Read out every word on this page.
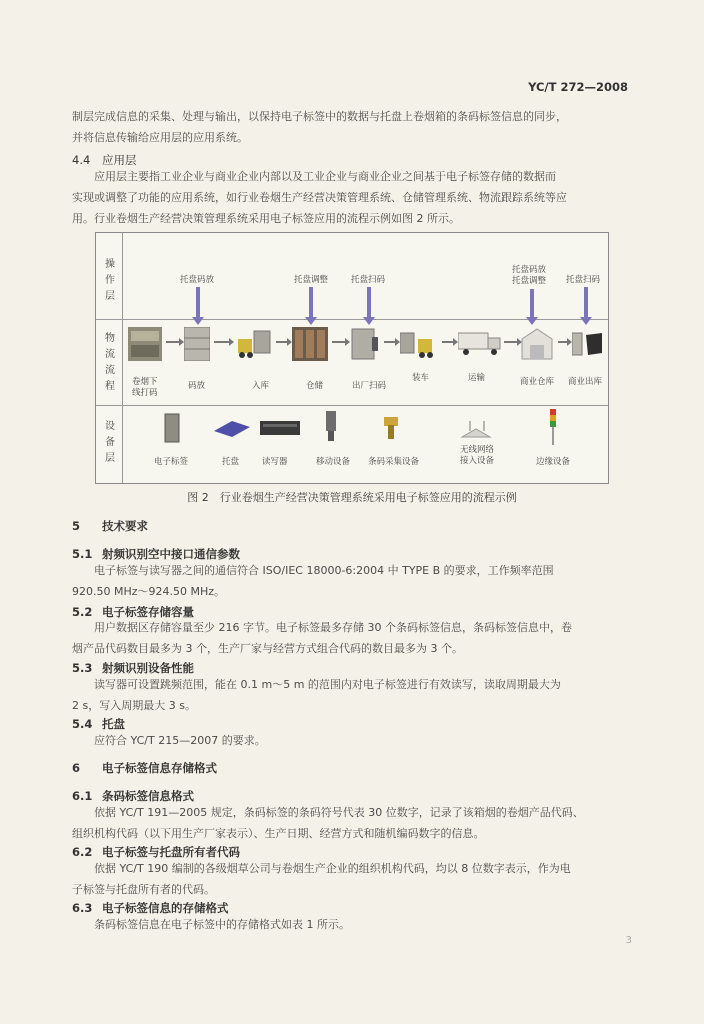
YC/T 272—2008
制层完成信息的采集、处理与输出，以保持电子标签中的数据与托盘上卷烟箱的条码标签信息的同步，
并将信息传输给应用层的应用系统。
4.4 应用层
应用层主要指工业企业与商业企业内部以及工业企业与商业企业之间基于电子标签存储的数据而
实现或调整了功能的应用系统，如行业卷烟生产经营决策管理系统、仓储管理系统、物流跟踪系统等应
用。行业卷烟生产经营决策管理系统采用电子标签应用的流程示例如图 2 所示。
操
作
层
托盘码放	托盘调整	托盘扫码
托盘码放
托盘调整 托盘扫码
物
流
流
程 卷烟下
线打码
码放	入库	仓储	出厂扫码
装车	运输	商业仓库 商业出库
设
备
层	电子标签	托盘	读写器	移动设备 条码采集设备
无线网络
接入设备	边缘设备
图 2　行业卷烟生产经营决策管理系统采用电子标签应用的流程示例
5 技术要求
5.1 射频识别空中接口通信参数
电子标签与读写器之间的通信符合 ISO/IEC 18000-6:2004 中 TYPE B 的要求，工作频率范围
920.50 MHz～924.50 MHz。
5.2 电子标签存储容量
用户数据区存储容量至少 216 字节。电子标签最多存储 30 个条码标签信息，条码标签信息中，卷
烟产品代码数目最多为 3 个，生产厂家与经营方式组合代码的数目最多为 3 个。
5.3 射频识别设备性能
读写器可设置跳频范围，能在 0.1 m～5 m 的范围内对电子标签进行有效读写，读取周期最大为
2 s，写入周期最大 3 s。
5.4 托盘
应符合 YC/T 215—2007 的要求。
6 电子标签信息存储格式
6.1 条码标签信息格式
依据 YC/T 191—2005 规定，条码标签的条码符号代表 30 位数字，记录了该箱烟的卷烟产品代码、
组织机构代码（以下用生产厂家表示）、生产日期、经营方式和随机编码数字的信息。
6.2 电子标签与托盘所有者代码
依据 YC/T 190 编制的各级烟草公司与卷烟生产企业的组织机构代码，均以 8 位数字表示，作为电
子标签与托盘所有者的代码。
6.3 电子标签信息的存储格式
条码标签信息在电子标签中的存储格式如表 1 所示。
3
